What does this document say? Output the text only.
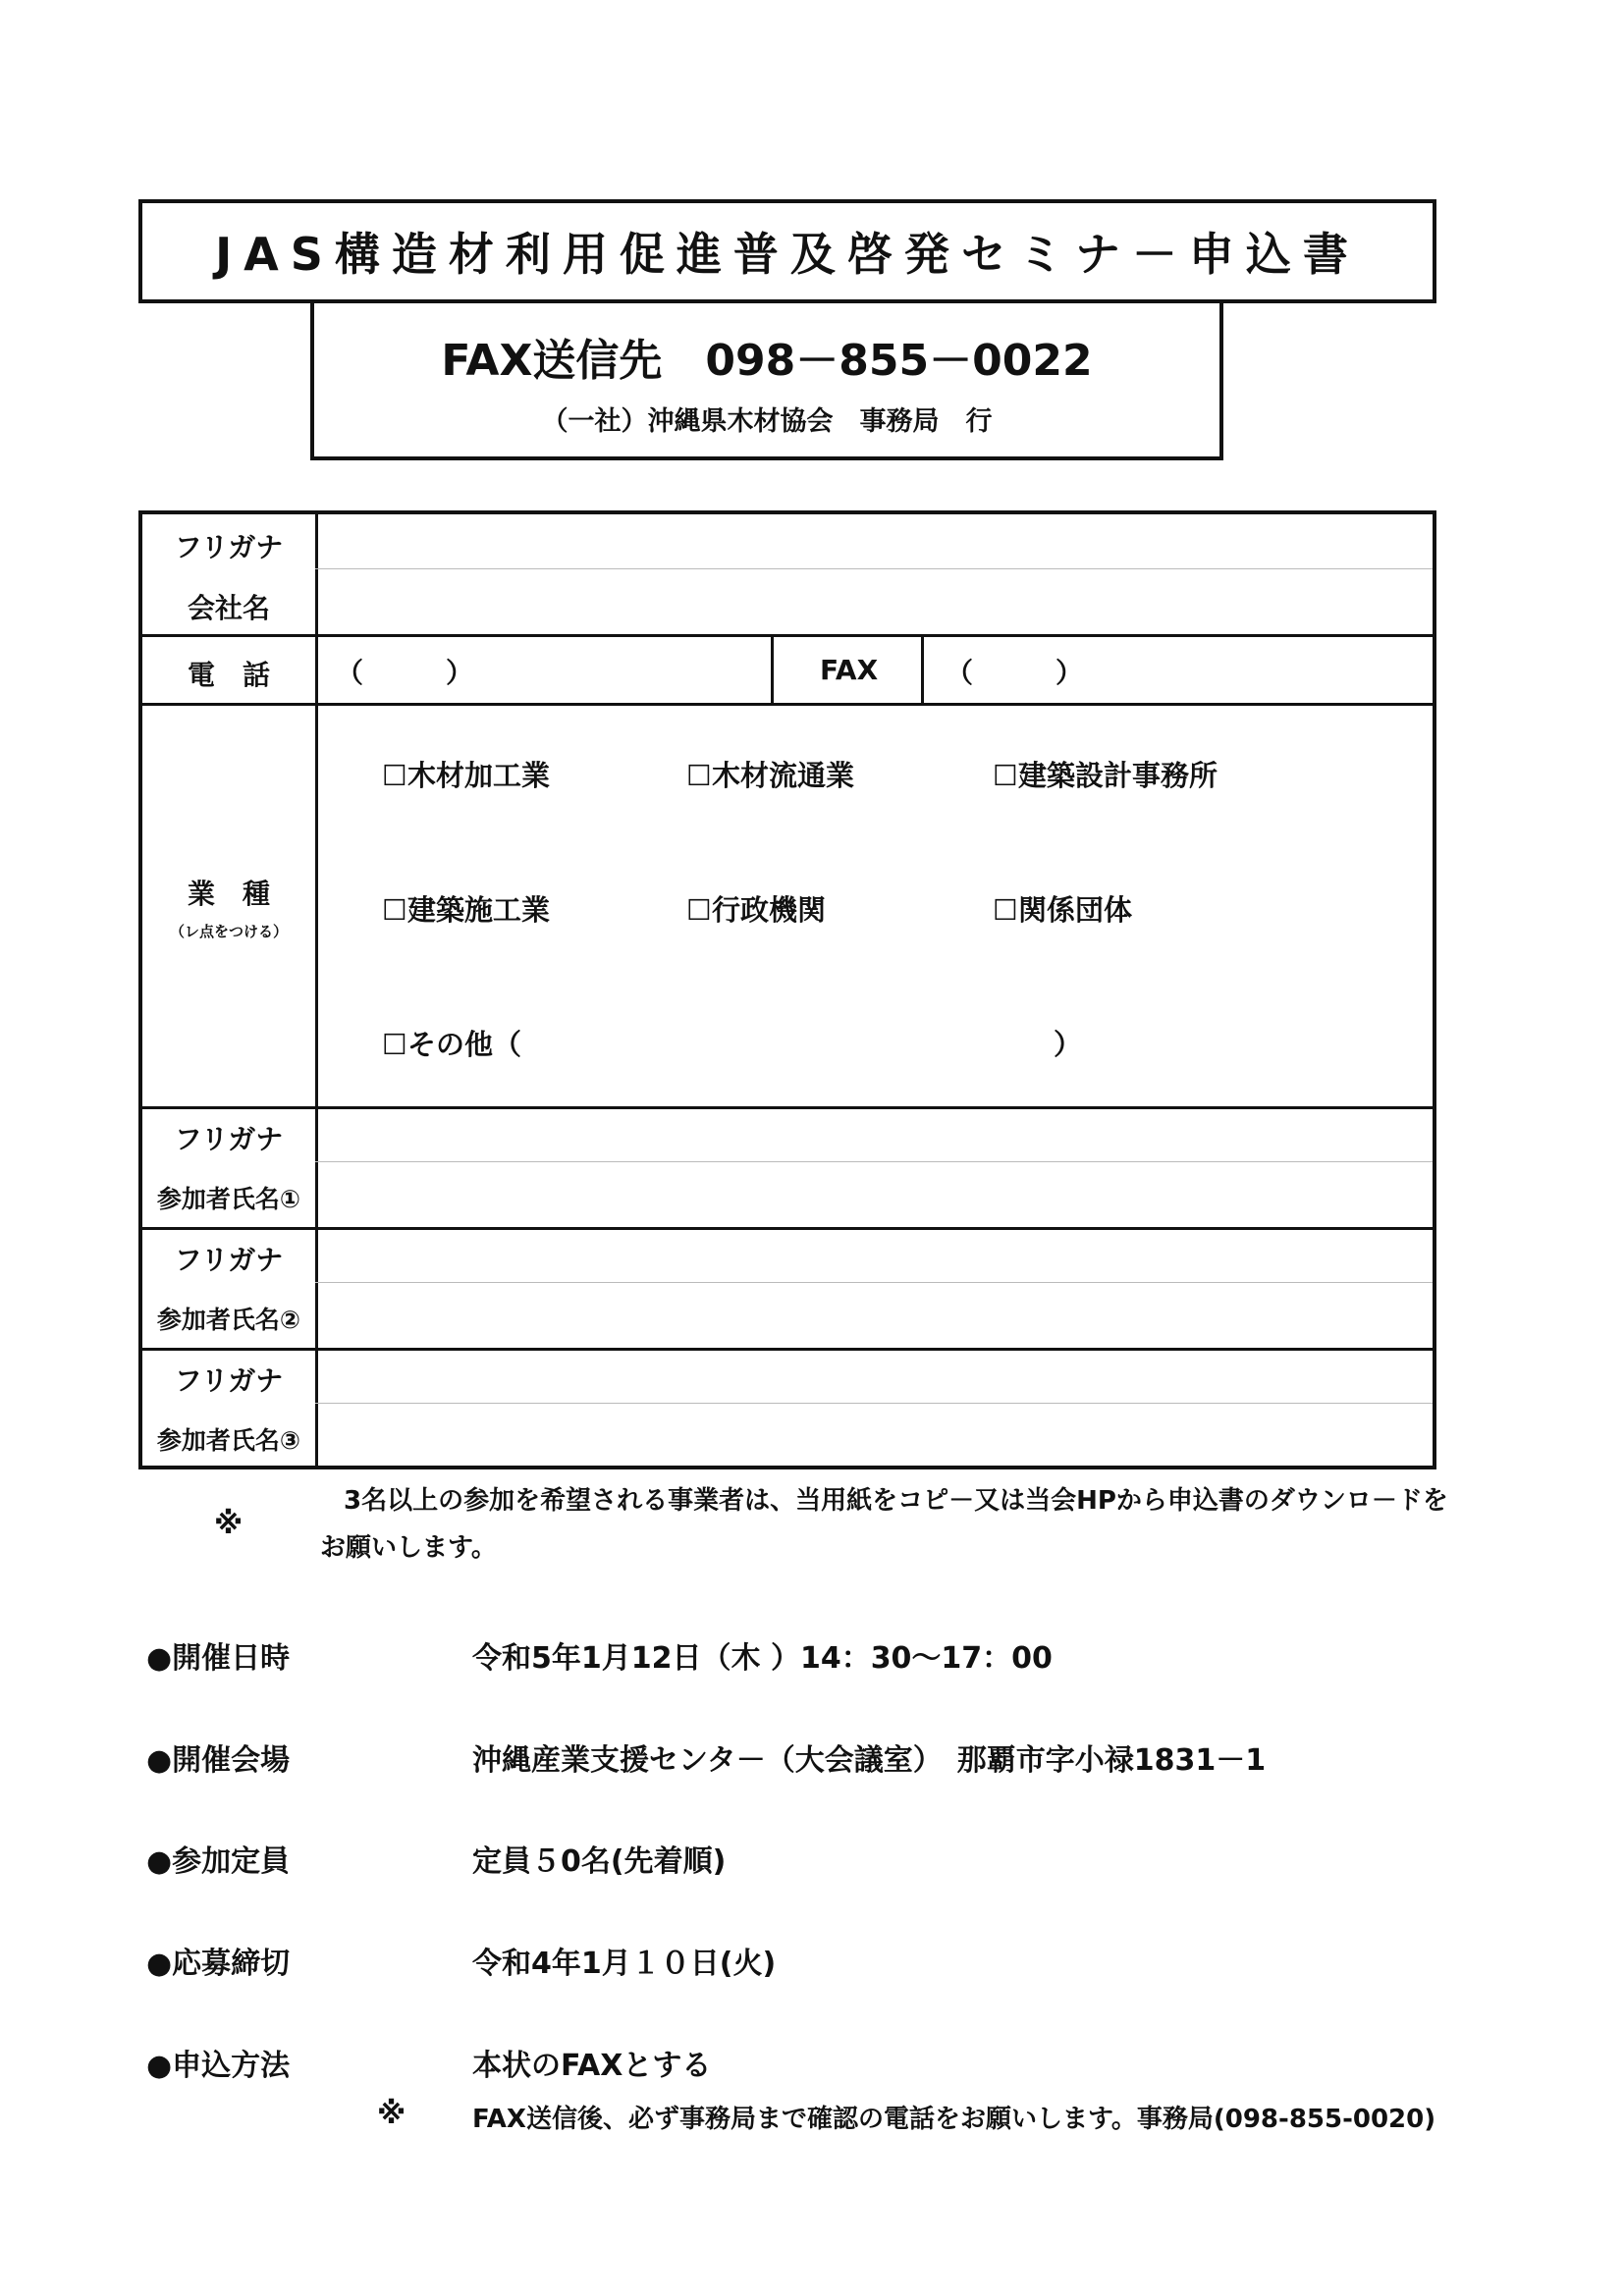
JAS構造材利用促進普及啓発セミナ－申込書
FAX送信先　098－855－0022
（一社）沖縄県木材協会　事務局　行
フリガナ
会社名
電　話	（　　　）	FAX （　　　）
業　種
（レ点をつける）
☐木材加工業	☐木材流通業	☐建築設計事務所
☐建築施工業	☐行政機関	☐関係団体
☐その他（	）
フリガナ
参加者氏名①
フリガナ
参加者氏名②
フリガナ
参加者氏名③
※
3名以上の参加を希望される事業者は、当用紙をコピ－又は当会HPから申込書のダウンロ－ドをお願いします。
●開催日時	令和5年1月12日（木 ）14：30～17：00
●開催会場	沖縄産業支援センタ－（大会議室）　那覇市字小禄1831－1
●参加定員	定員５0名(先着順)
●応募締切	令和4年1月１０日(火)
●申込方法	本状のFAXとする
※	FAX送信後、必ず事務局まで確認の電話をお願いします。事務局(098-855-0020)
